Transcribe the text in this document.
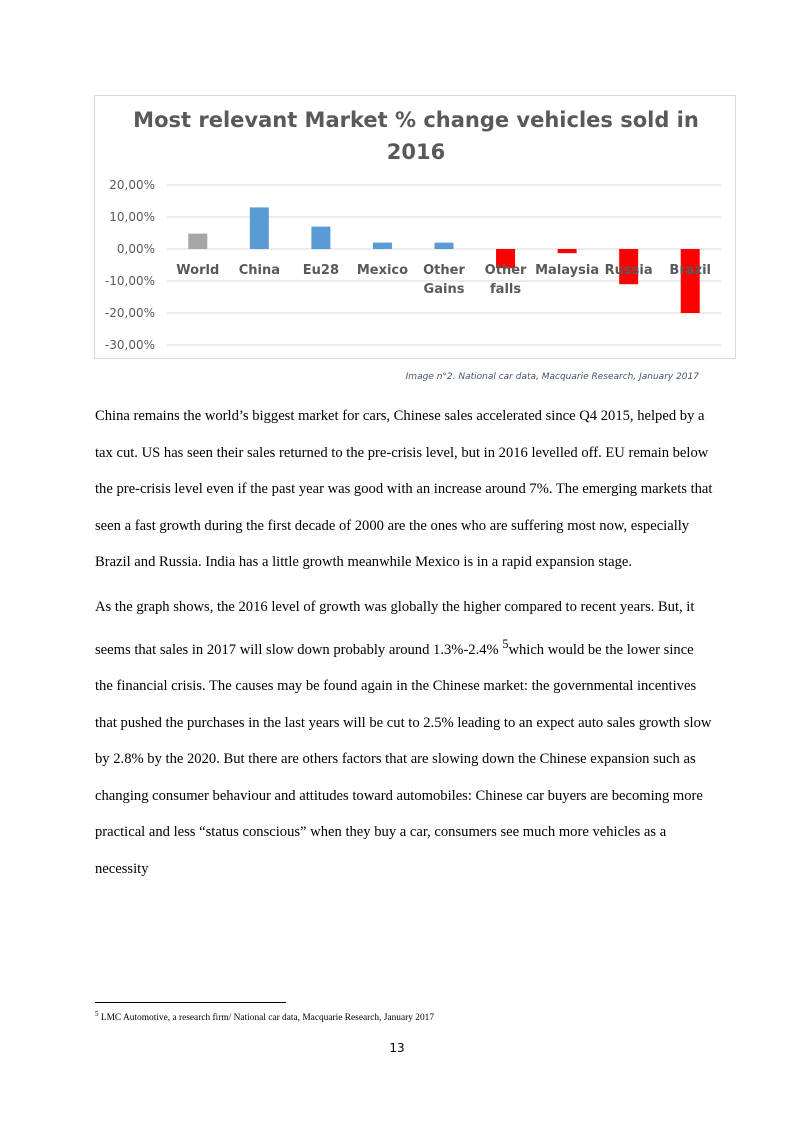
Most relevant Market % change vehicles sold in
2016
20,00%
10,00%
0,00%
-10,00%
-20,00%
-30,00%
World China Eu28 Mexico Other
Gains
Other
falls
Malaysia Russia Brazil
Image n°2. National car data, Macquarie Research, January 2017

China remains the world’s biggest market for cars, Chinese sales accelerated since Q4 2015, helped by a tax cut. US has seen their sales returned to the pre-crisis level, but in 2016 levelled off. EU remain below the pre-crisis level even if the past year was good with an increase around 7%. The emerging markets that seen a fast growth during the first decade of 2000 are the ones who are suffering most now, especially Brazil and Russia. India has a little growth meanwhile Mexico is in a rapid expansion stage.

As the graph shows, the 2016 level of growth was globally the higher compared to recent years. But, it seems that sales in 2017 will slow down probably around 1.3%-2.4% $^5$which would be the lower since the financial crisis. The causes may be found again in the Chinese market: the governmental incentives that pushed the purchases in the last years will be cut to 2.5% leading to an expect auto sales growth slow by 2.8% by the 2020. But there are others factors that are slowing down the Chinese expansion such as changing consumer behaviour and attitudes toward automobiles: Chinese car buyers are becoming more practical and less “status conscious” when they buy a car, consumers see much more vehicles as a necessity

$^5$ LMC Automotive, a research firm/ National car data, Macquarie Research, January 2017
13
